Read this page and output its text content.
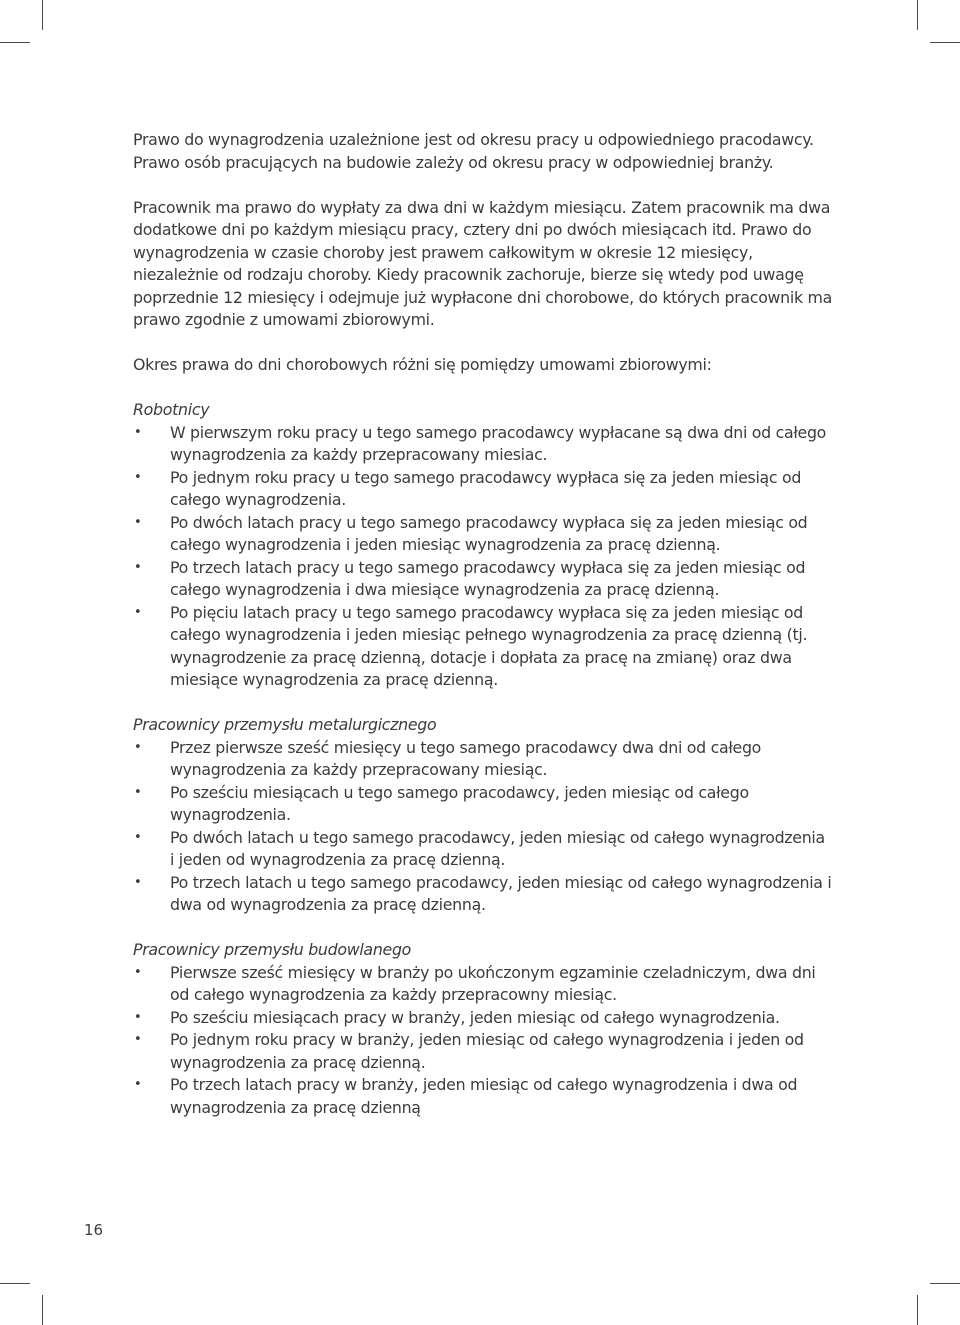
Prawo do wynagrodzenia uzależnione jest od okresu pracy u odpowiedniego pracodawcy. Prawo osób pracujących na budowie zależy od okresu pracy w odpowiedniej branży.

Pracownik ma prawo do wypłaty za dwa dni w każdym miesiącu. Zatem pracownik ma dwa dodatkowe dni po każdym miesiącu pracy, cztery dni po dwóch miesiącach itd. Prawo do wynagrodzenia w czasie choroby jest prawem całkowitym w okresie 12 miesięcy, niezależnie od rodzaju choroby. Kiedy pracownik zachoruje, bierze się wtedy pod uwagę poprzednie 12 miesięcy i odejmuje już wypłacone dni chorobowe, do których pracownik ma prawo zgodnie z umowami zbiorowymi.

Okres prawa do dni chorobowych różni się pomiędzy umowami zbiorowymi:

Robotnicy

• W pierwszym roku pracy u tego samego pracodawcy wypłacane są dwa dni od całego wynagrodzenia za każdy przepracowany miesiac.
• Po jednym roku pracy u tego samego pracodawcy wypłaca się za jeden miesiąc od całego wynagrodzenia.
• Po dwóch latach pracy u tego samego pracodawcy wypłaca się za jeden miesiąc od całego wynagrodzenia i jeden miesiąc wynagrodzenia za pracę dzienną.
• Po trzech latach pracy u tego samego pracodawcy wypłaca się za jeden miesiąc od całego wynagrodzenia i dwa miesiące wynagrodzenia za pracę dzienną.
• Po pięciu latach pracy u tego samego pracodawcy wypłaca się za jeden miesiąc od całego wynagrodzenia i jeden miesiąc pełnego wynagrodzenia za pracę dzienną (tj. wynagrodzenie za pracę dzienną, dotacje i dopłata za pracę na zmianę) oraz dwa miesiące wynagrodzenia za pracę dzienną.

Pracownicy przemysłu metalurgicznego

• Przez pierwsze sześć miesięcy u tego samego pracodawcy dwa dni od całego wynagrodzenia za każdy przepracowany miesiąc.
• Po sześciu miesiącach u tego samego pracodawcy, jeden miesiąc od całego wynagrodzenia.
• Po dwóch latach u tego samego pracodawcy, jeden miesiąc od całego wynagrodzenia i jeden od wynagrodzenia za pracę dzienną.
• Po trzech latach u tego samego pracodawcy, jeden miesiąc od całego wynagrodzenia i dwa od wynagrodzenia za pracę dzienną.

Pracownicy przemysłu budowlanego

• Pierwsze sześć miesięcy w branży po ukończonym egzaminie czeladniczym, dwa dni od całego wynagrodzenia za każdy przepracowny miesiąc.
• Po sześciu miesiącach pracy w branży, jeden miesiąc od całego wynagrodzenia.
• Po jednym roku pracy w branży, jeden miesiąc od całego wynagrodzenia i jeden od wynagrodzenia za pracę dzienną.
• Po trzech latach pracy w branży, jeden miesiąc od całego wynagrodzenia i dwa od wynagrodzenia za pracę dzienną
16
